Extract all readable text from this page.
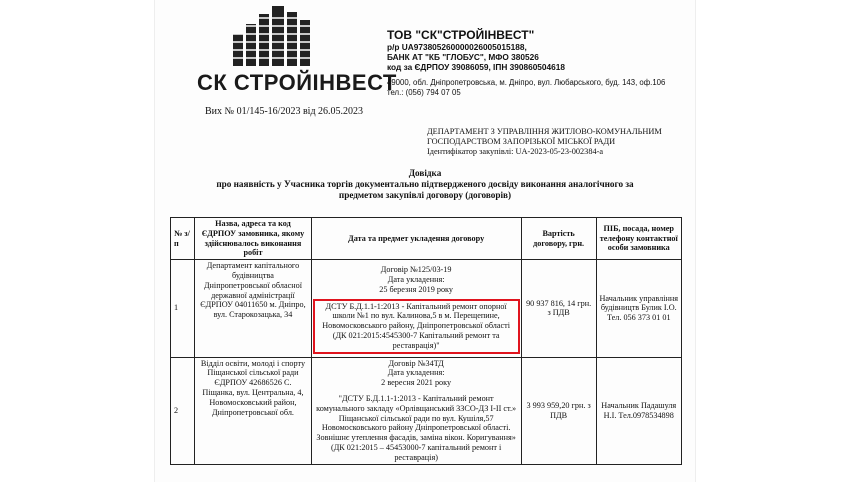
СК СТРОЙІНВЕСТ
ТОВ "СК"СТРОЙІНВЕСТ"
р/р UA973805260000026005015188,
БАНК АТ "КБ "ГЛОБУС", МФО 380526
код за ЄДРПОУ 39086059, ІПН 390860504618
49000, обл. Дніпропетровська, м. Дніпро, вул. Любарського, буд. 143, оф.106
тел.: (056) 794 07 05
Вих № 01/145-16/2023 від 26.05.2023
ДЕПАРТАМЕНТ З УПРАВЛІННЯ ЖИТЛОВО-КОМУНАЛЬНИМ
ГОСПОДАРСТВОМ ЗАПОРІЗЬКОЇ МІСЬКОЇ РАДИ
Ідентифікатор закупівлі: UA-2023-05-23-002384-а
Довідка
про наявність у Учасника торгів документально підтвердженого досвіду виконання аналогічного за предметом закупівлі договору (договорів)
№ з/п	Назва, адреса та код ЄДРПОУ замовника, якому здійснювалось виконання робіт	Дата та предмет укладення договору	Вартість договору, грн.	ПІБ, посада, номер телефону контактної особи замовника
1	Департамент капітального будівництва Дніпропетровської обласної державної адміністрації ЄДРПОУ 04011650 м. Дніпро, вул. Старокозацька, 34	Договір №125/03-19
Дата укладення:
25 березня 2019 року
ДСТУ Б.Д.1.1-1:2013 - Капітальний ремонт опорної школи №1 по вул. Калинова,5 в м. Перещепине, Новомосковського району, Дніпропетровської області (ДК 021:2015:4545300-7 Капітальний ремонт та реставрація)"	90 937 816, 14 грн. з ПДВ	Начальник управління будівництв Булик І.О. Тел. 056 373 01 01
2	Відділ освіти, молоді і спорту Піщанської сільської ради ЄДРПОУ 42686526 С. Піщанка, вул. Центральна, 4, Новомосковський район, Дніпропетровської обл.	Договір №34ТД
Дата укладення:
2 вересня 2021 року
"ДСТУ Б.Д.1.1-1:2013 - Капітальний ремонт комунального закладу «Орлівщанський ЗЗСО-ДЗ І-ІІ ст.» Піщанської сільської ради по вул. Кушіля,57 Новомосковського району Дніпропетровської області. Зовнішнє утеплення фасадів, заміна вікон. Коригування» (ДК 021:2015 – 45453000-7 капітальний ремонт і реставрація)	3 993 959,20 грн. з ПДВ	Начальник Падашуля Н.І. Тел.0978534898
